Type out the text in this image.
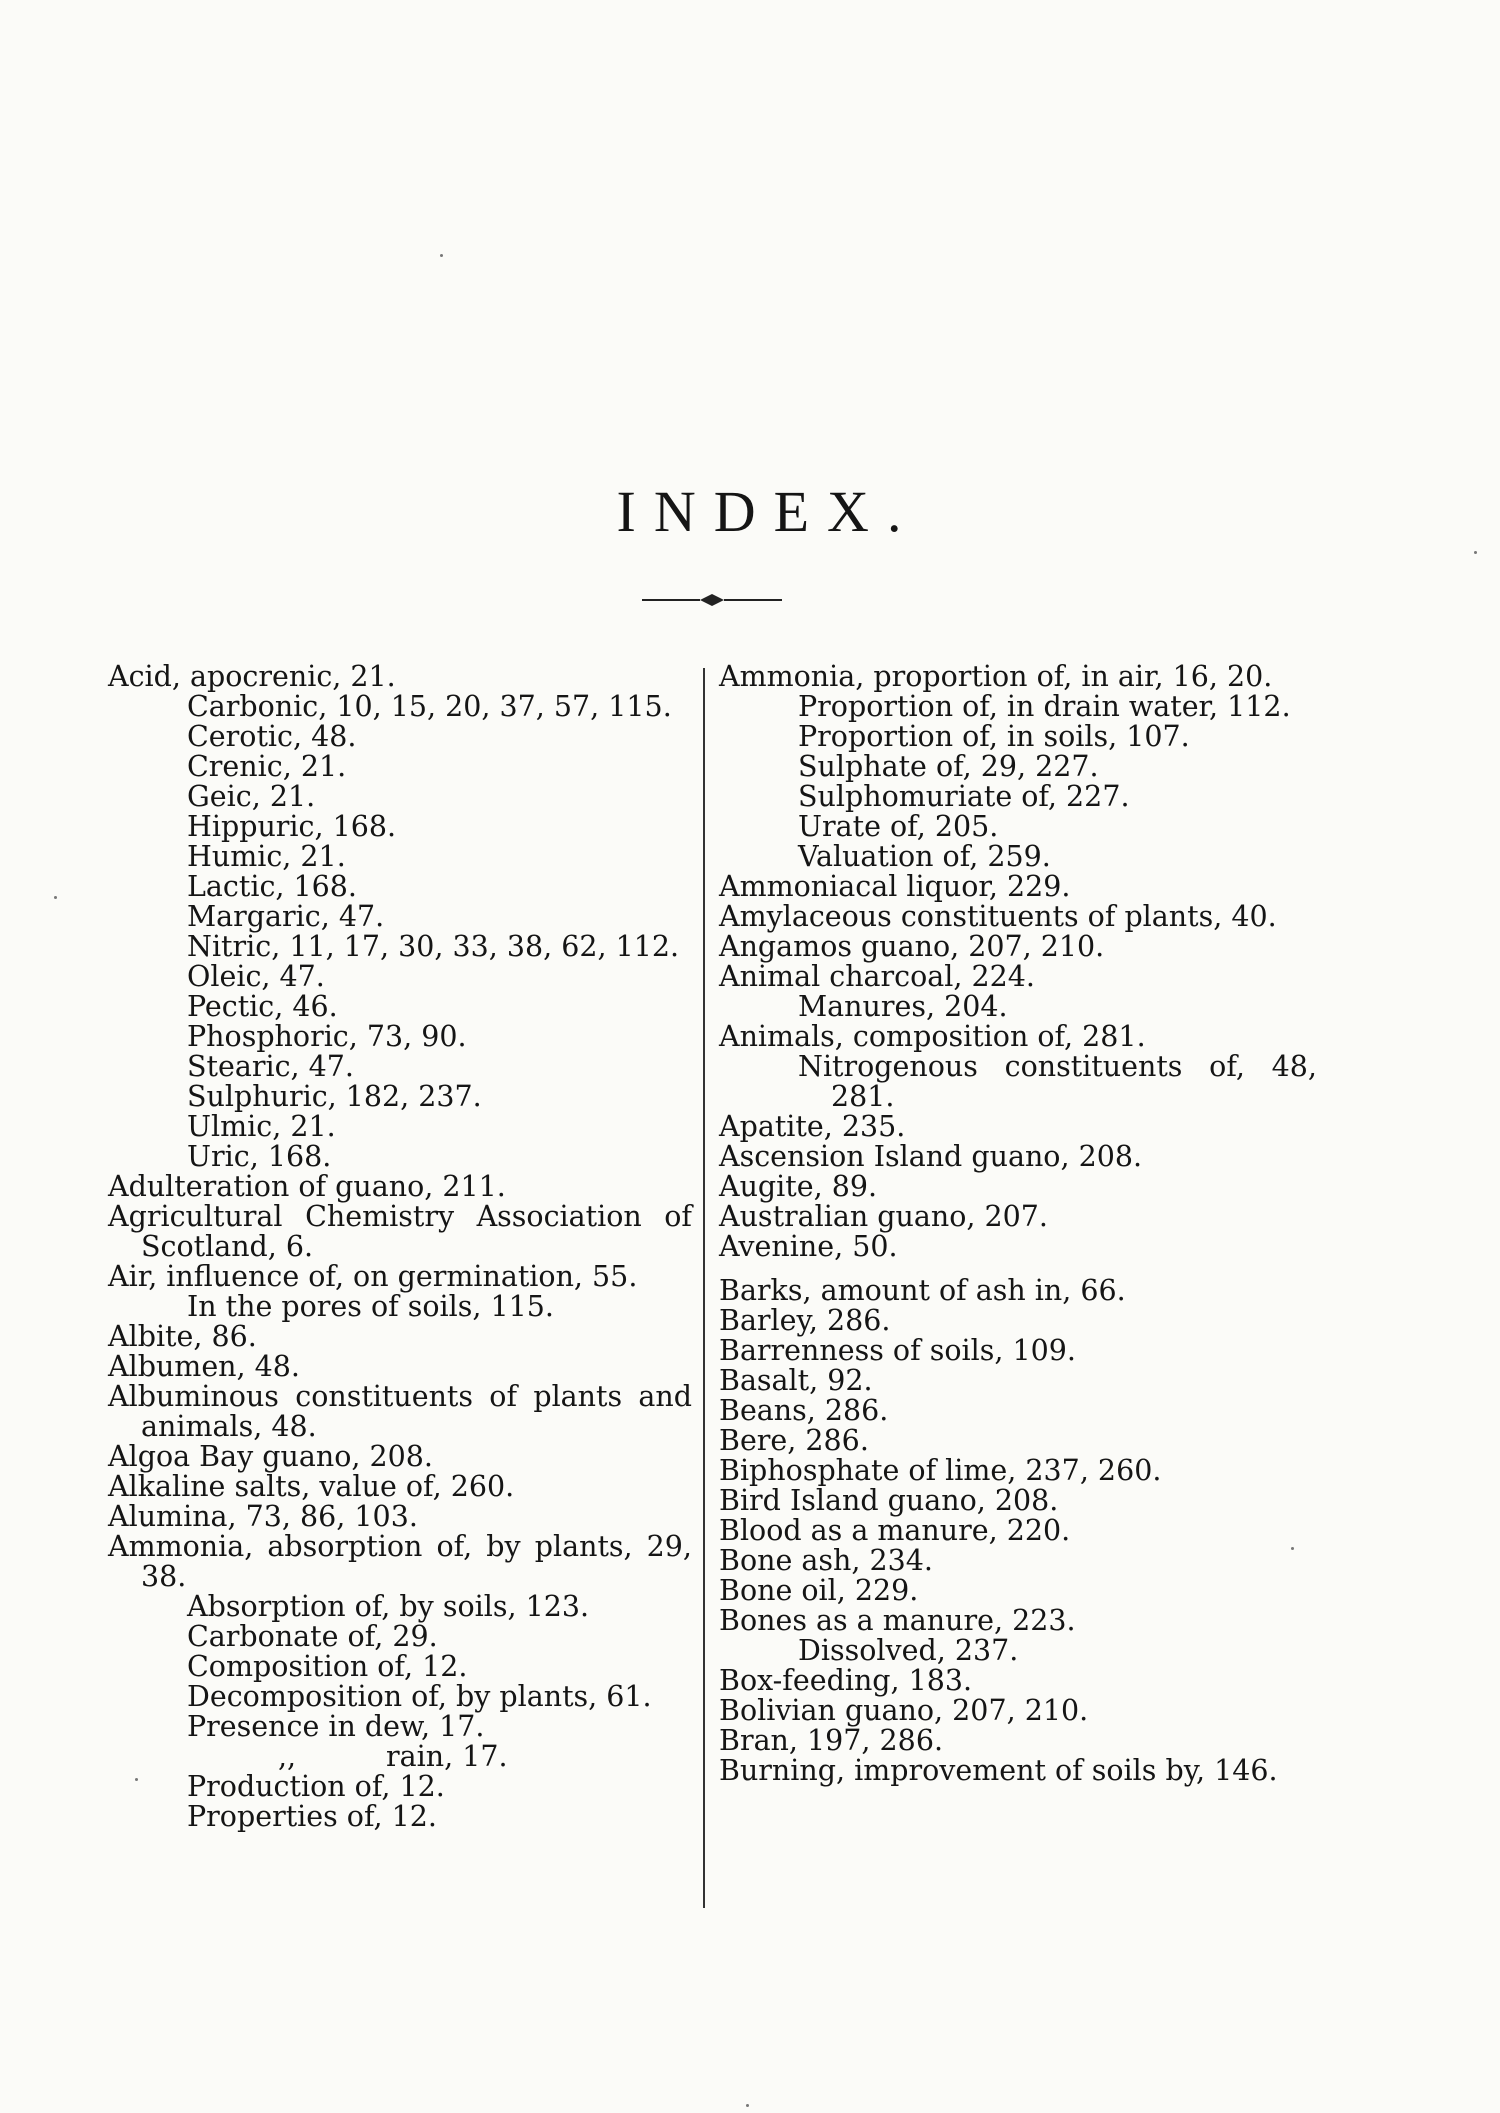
INDEX.
Acid, apocrenic, 21.
Carbonic, 10, 15, 20, 37, 57, 115.
Cerotic, 48.
Crenic, 21.
Geic, 21.
Hippuric, 168.
Humic, 21.
Lactic, 168.
Margaric, 47.
Nitric, 11, 17, 30, 33, 38, 62, 112.
Oleic, 47.
Pectic, 46.
Phosphoric, 73, 90.
Stearic, 47.
Sulphuric, 182, 237.
Ulmic, 21.
Uric, 168.
Adulteration of guano, 211.
Agricultural Chemistry Association of Scotland, 6.
Air, influence of, on germination, 55.
In the pores of soils, 115.
Albite, 86.
Albumen, 48.
Albuminous constituents of plants and animals, 48.
Algoa Bay guano, 208.
Alkaline salts, value of, 260.
Alumina, 73, 86, 103.
Ammonia, absorption of, by plants, 29, 38.
Absorption of, by soils, 123.
Carbonate of, 29.
Composition of, 12.
Decomposition of, by plants, 61.
Presence in dew, 17.
,,	rain, 17.
Production of, 12.
Properties of, 12.
Ammonia, proportion of, in air, 16, 20.
Proportion of, in drain water, 112.
Proportion of, in soils, 107.
Sulphate of, 29, 227.
Sulphomuriate of, 227.
Urate of, 205.
Valuation of, 259.
Ammoniacal liquor, 229.
Amylaceous constituents of plants, 40.
Angamos guano, 207, 210.
Animal charcoal, 224.
Manures, 204.
Animals, composition of, 281.
Nitrogenous constituents of, 48, 281.
Apatite, 235.
Ascension Island guano, 208.
Augite, 89.
Australian guano, 207.
Avenine, 50.
Barks, amount of ash in, 66.
Barley, 286.
Barrenness of soils, 109.
Basalt, 92.
Beans, 286.
Bere, 286.
Biphosphate of lime, 237, 260.
Bird Island guano, 208.
Blood as a manure, 220.
Bone ash, 234.
Bone oil, 229.
Bones as a manure, 223.
Dissolved, 237.
Box-feeding, 183.
Bolivian guano, 207, 210.
Bran, 197, 286.
Burning, improvement of soils by, 146.
